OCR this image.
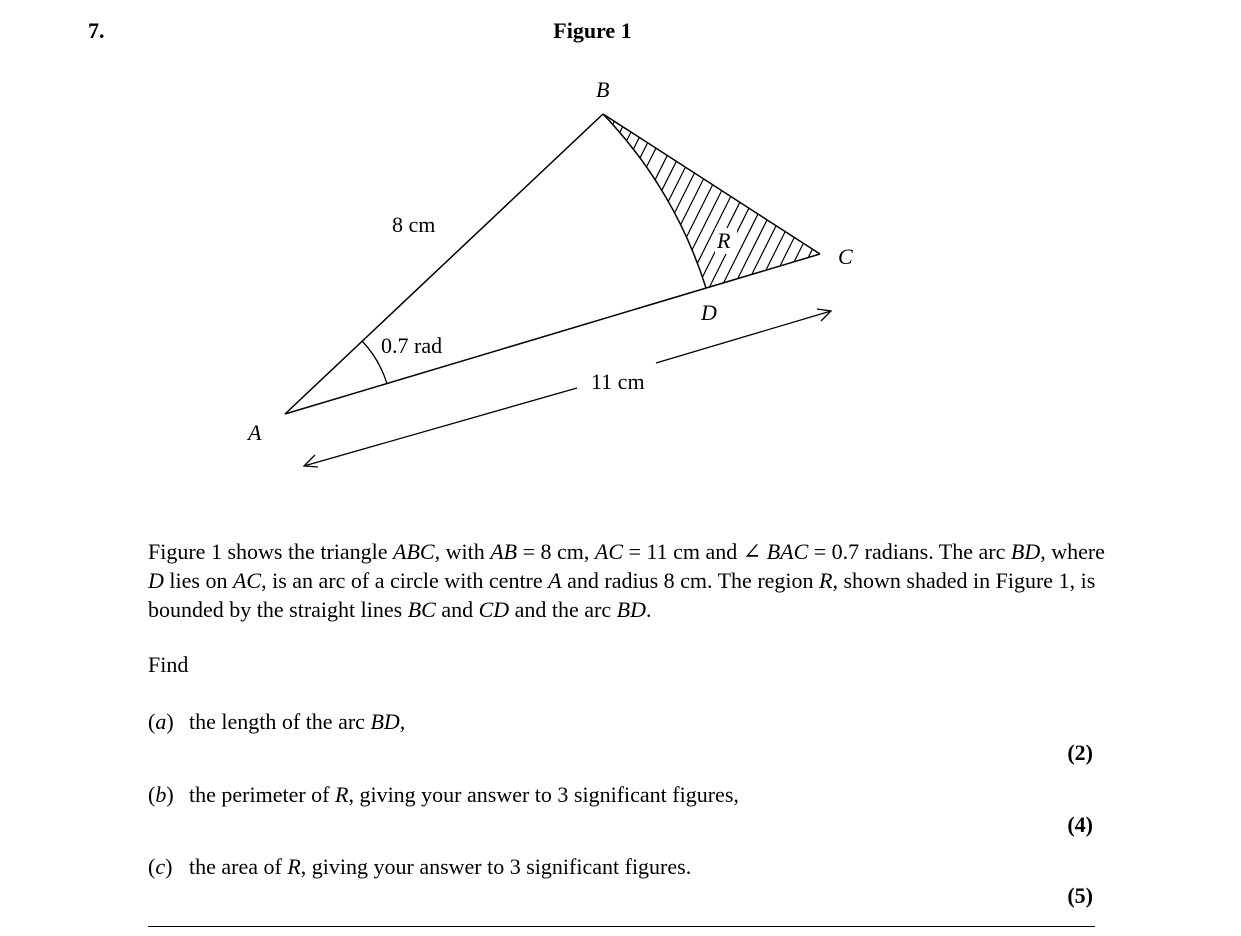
7.	Figure 1
B
C
A
D
R
8 cm
0.7 rad
11 cm

Figure 1 shows the triangle ABC, with AB = 8 cm, AC = 11 cm and ∠ BAC = 0.7 radians. The arc BD, where D lies on AC, is an arc of a circle with centre A and radius 8 cm. The region R, shown shaded in Figure 1, is bounded by the straight lines BC and CD and the arc BD.

Find

(a) the length of the arc BD,

(2)

(b) the perimeter of R, giving your answer to 3 significant figures,

(4)

(c) the area of R, giving your answer to 3 significant figures.

(5)
